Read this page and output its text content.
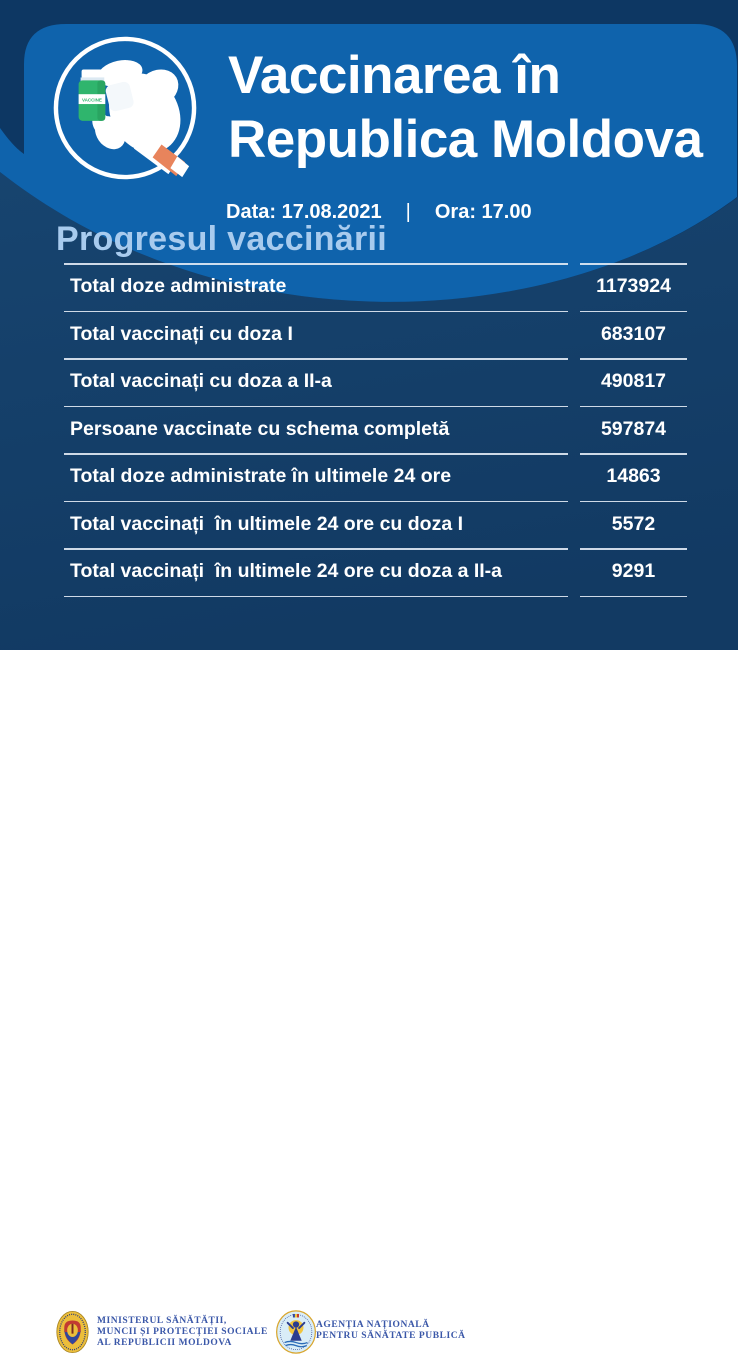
VACCINE Vaccinarea în
Republica Moldova
Data: 17.08.2021 | Ora: 17.00
Progresul vaccinării
Total doze administrate	1173924
Total vaccinați cu doza I	683107
Total vaccinați cu doza a II-a	490817
Persoane vaccinate cu schema completă	597874
Total doze administrate în ultimele 24 ore	14863
Total vaccinați  în ultimele 24 ore cu doza I	5572
Total vaccinați  în ultimele 24 ore cu doza a II-a	9291
MINISTERUL SĂNĂTĂȚII,
MUNCII ȘI PROTECȚIEI SOCIALE
AL REPUBLICII MOLDOVA
AGENȚIA NAȚIONALĂ
PENTRU SĂNĂTATE PUBLICĂ
